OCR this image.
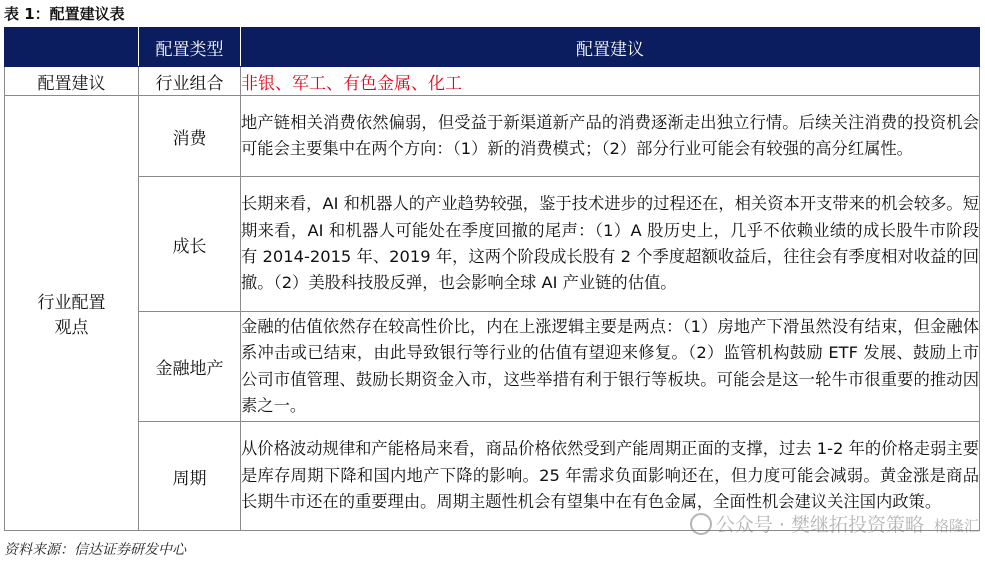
表 1：配置建议表
	配置类型	配置建议
配置建议	行业组合	非银、军工、有色金属、化工
行业配置
观点	消费	地产链相关消费依然偏弱，但受益于新渠道新产品的消费逐渐走出独立行情。后续关注消费的投资机会可能会主要集中在两个方向：（1）新的消费模式；（2）部分行业可能会有较强的高分红属性。
	成长	长期来看，AI 和机器人的产业趋势较强，鉴于技术进步的过程还在，相关资本开支带来的机会较多。短期来看，AI 和机器人可能处在季度回撤的尾声：（1）A 股历史上，几乎不依赖业绩的成长股牛市阶段有 2014-2015 年、2019 年，这两个阶段成长股有 2 个季度超额收益后，往往会有季度相对收益的回撤。（2）美股科技股反弹，也会影响全球 AI 产业链的估值。
	金融地产	金融的估值依然存在较高性价比，内在上涨逻辑主要是两点：（1）房地产下滑虽然没有结束，但金融体系冲击或已结束，由此导致银行等行业的估值有望迎来修复。（2）监管机构鼓励 ETF 发展、鼓励上市公司市值管理、鼓励长期资金入市，这些举措有利于银行等板块。可能会是这一轮牛市很重要的推动因素之一。
	周期	从价格波动规律和产能格局来看，商品价格依然受到产能周期正面的支撑，过去 1-2 年的价格走弱主要是库存周期下降和国内地产下降的影响。25 年需求负面影响还在，但力度可能会减弱。黄金涨是商品长期牛市还在的重要理由。周期主题性机会有望集中在有色金属，全面性机会建议关注国内政策。
资料来源：信达证券研发中心
公众号 · 樊继拓投资策略 格隆汇
